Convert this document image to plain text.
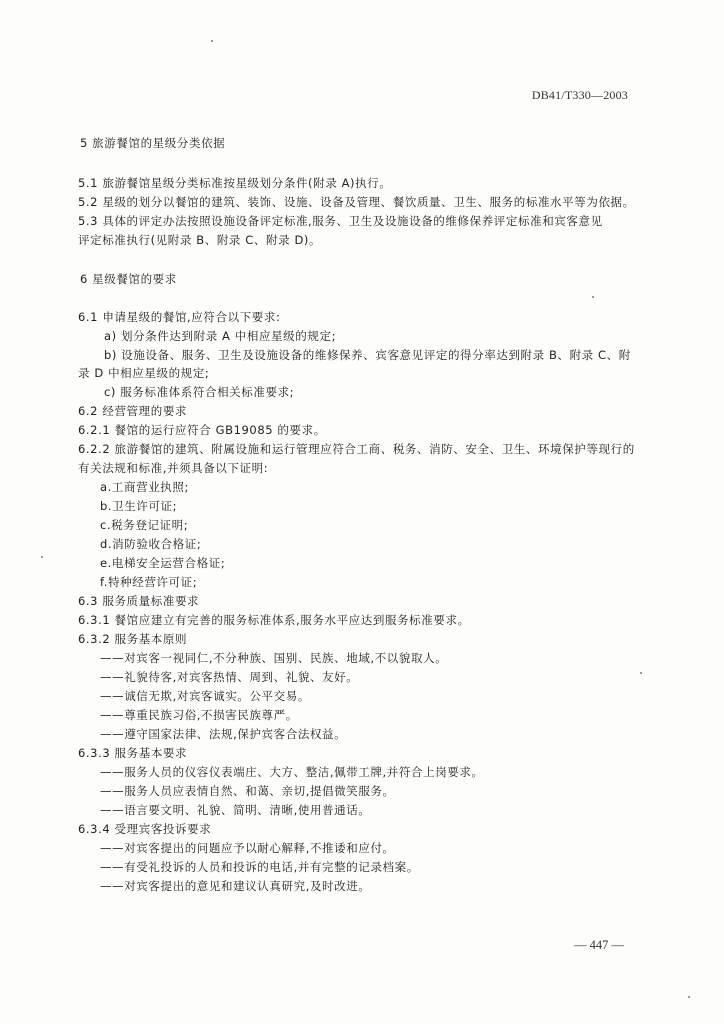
DB41/T330—2003
5 旅游餐馆的星级分类依据
5.1 旅游餐馆星级分类标准按星级划分条件(附录 A)执行。
5.2 星级的划分以餐馆的建筑、装饰、设施、设备及管理、餐饮质量、卫生、服务的标准水平等为依据。
5.3 具体的评定办法按照设施设备评定标准,服务、卫生及设施设备的维修保养评定标准和宾客意见
评定标准执行(见附录 B、附录 C、附录 D)。
6 星级餐馆的要求
6.1 申请星级的餐馆,应符合以下要求:
a) 划分条件达到附录 A 中相应星级的规定;
b) 设施设备、服务、卫生及设施设备的维修保养、宾客意见评定的得分率达到附录 B、附录 C、附
录 D 中相应星级的规定;
c) 服务标准体系符合相关标准要求;
6.2 经营管理的要求
6.2.1 餐馆的运行应符合 GB19085 的要求。
6.2.2 旅游餐馆的建筑、附属设施和运行管理应符合工商、税务、消防、安全、卫生、环境保护等现行的
有关法规和标准,并须具备以下证明:
a.工商营业执照;
b.卫生许可证;
c.税务登记证明;
d.消防验收合格证;
e.电梯安全运营合格证;
f.特种经营许可证;
6.3 服务质量标准要求
6.3.1 餐馆应建立有完善的服务标准体系,服务水平应达到服务标准要求。
6.3.2 服务基本原则
——对宾客一视同仁,不分种族、国别、民族、地域,不以貌取人。
——礼貌待客,对宾客热情、周到、礼貌、友好。
——诚信无欺,对宾客诚实。公平交易。
——尊重民族习俗,不损害民族尊严。
——遵守国家法律、法规,保护宾客合法权益。
6.3.3 服务基本要求
——服务人员的仪容仪表端庄、大方、整洁,佩带工牌,并符合上岗要求。
——服务人员应表情自然、和蔼、亲切,提倡微笑服务。
——语言要文明、礼貌、简明、清晰,使用普通话。
6.3.4 受理宾客投诉要求
——对宾客提出的问题应予以耐心解释,不推诿和应付。
——有受礼投诉的人员和投诉的电话,并有完整的记录档案。
——对宾客提出的意见和建议认真研究,及时改进。
— 447 —
